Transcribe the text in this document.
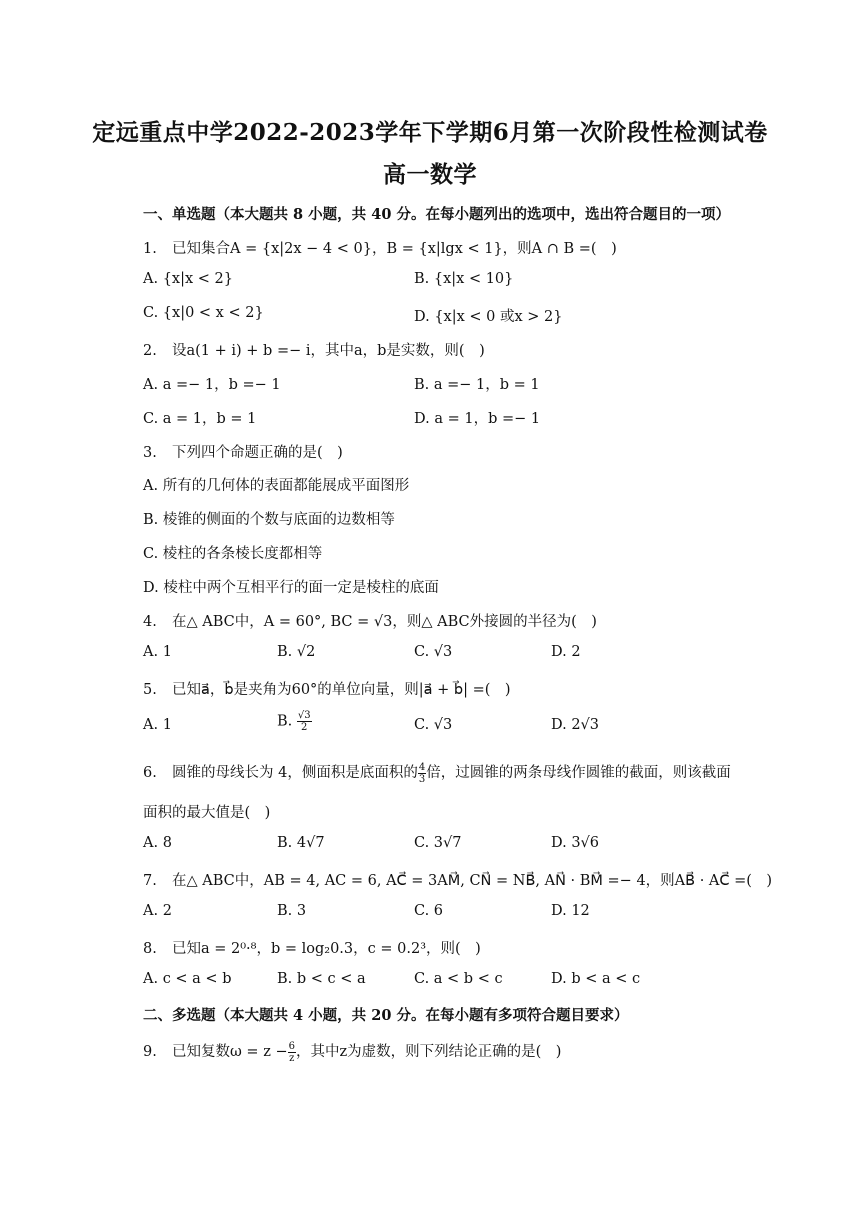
定远重点中学2022-2023学年下学期6月第一次阶段性检测试卷
高一数学
一、单选题（本大题共 8 小题，共 40 分。在每小题列出的选项中，选出符合题目的一项）
1. 已知集合A = {x|2x − 4 < 0}，B = {x|lgx < 1}，则A ∩ B =(　)
A. {x|x < 2}	B. {x|x < 10}
C. {x|0 < x < 2}	D. {x|x < 0 或x > 2}
2. 设a(1 + i) + b =− i，其中a，b是实数，则(　)
A. a =− 1，b =− 1	B. a =− 1，b = 1
C. a = 1，b = 1	D. a = 1，b =− 1
3. 下列四个命题正确的是(　)
A. 所有的几何体的表面都能展成平面图形
B. 棱锥的侧面的个数与底面的边数相等
C. 棱柱的各条棱长度都相等
D. 棱柱中两个互相平行的面一定是棱柱的底面
4. 在△ ABC中，A = 60°, BC = √3，则△ ABC外接圆的半径为(　)
A. 1	B. √2	C. √3	D. 2
5. 已知a⃗，b⃗是夹角为60°的单位向量，则|a⃗ + b⃗| =(　)
A. 1	B. $\frac{√3}{2}$	C. √3	D. 2√3
6. 圆锥的母线长为 4，侧面积是底面积的 $\frac{4}{3}$ 倍，过圆锥的两条母线作圆锥的截面，则该截面
面积的最大值是(　)
A. 8	B. 4√7	C. 3√7	D. 3√6
7. 在△ ABC中，AB = 4, AC = 6, AC⃗ = 3AM⃗, CN⃗ = NB⃗, AN⃗ · BM⃗ =− 4，则AB⃗ · AC⃗ =(　)
A. 2	B. 3	C. 6	D. 12
8. 已知a = 2⁰·⁸，b = log₂0.3，c = 0.2³，则(　)
A. c < a < b	B. b < c < a	C. a < b < c	D. b < a < c
二、多选题（本大题共 4 小题，共 20 分。在每小题有多项符合题目要求）
9. 已知复数$\omega = z - \frac{6}{z}$ ，其中z为虚数，则下列结论正确的是(　)
